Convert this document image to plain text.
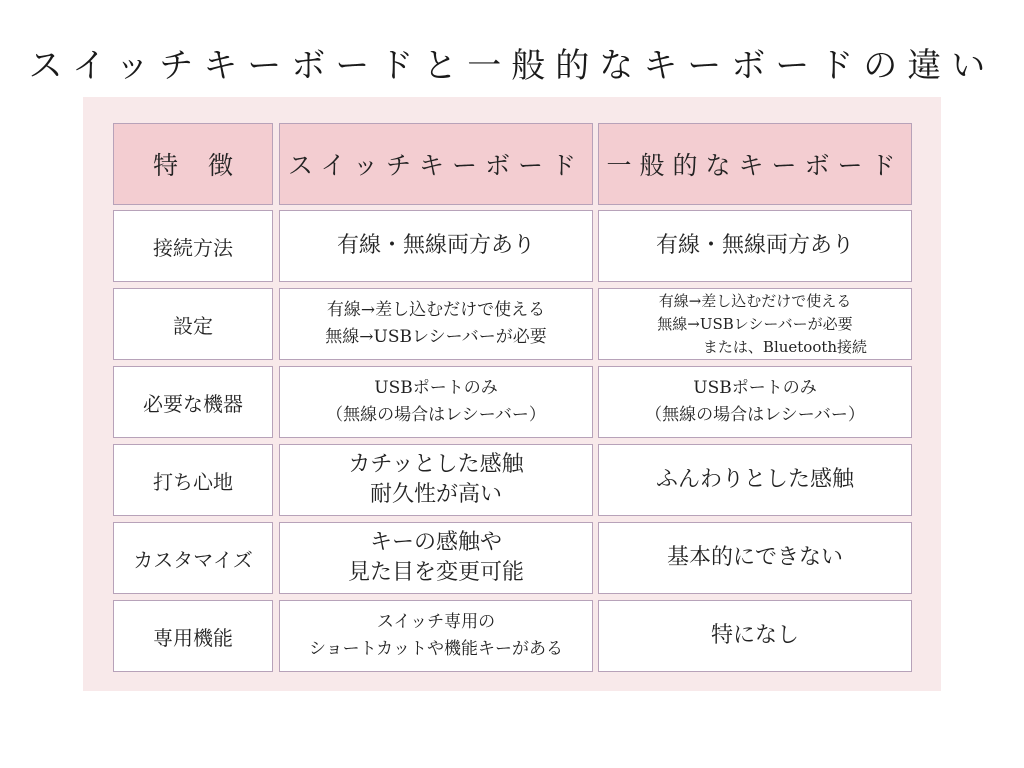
スイッチキーボードと一般的なキーボードの違い
特徴 スイッチキーボード 一般的なキーボード
接続方法	有線・無線両方あり	有線・無線両方あり
設定
有線→差し込むだけで使える
無線→USBレシーバーが必要
有線→差し込むだけで使える
無線→USBレシーバーが必要
または、Bluetooth接続
必要な機器
USBポートのみ
（無線の場合はレシーバー）
USBポートのみ
（無線の場合はレシーバー）
打ち心地
カチッとした感触
耐久性が高い
ふんわりとした感触
カスタマイズ
キーの感触や
見た目を変更可能
基本的にできない
専用機能
スイッチ専用の
ショートカットや機能キーがある
特になし
